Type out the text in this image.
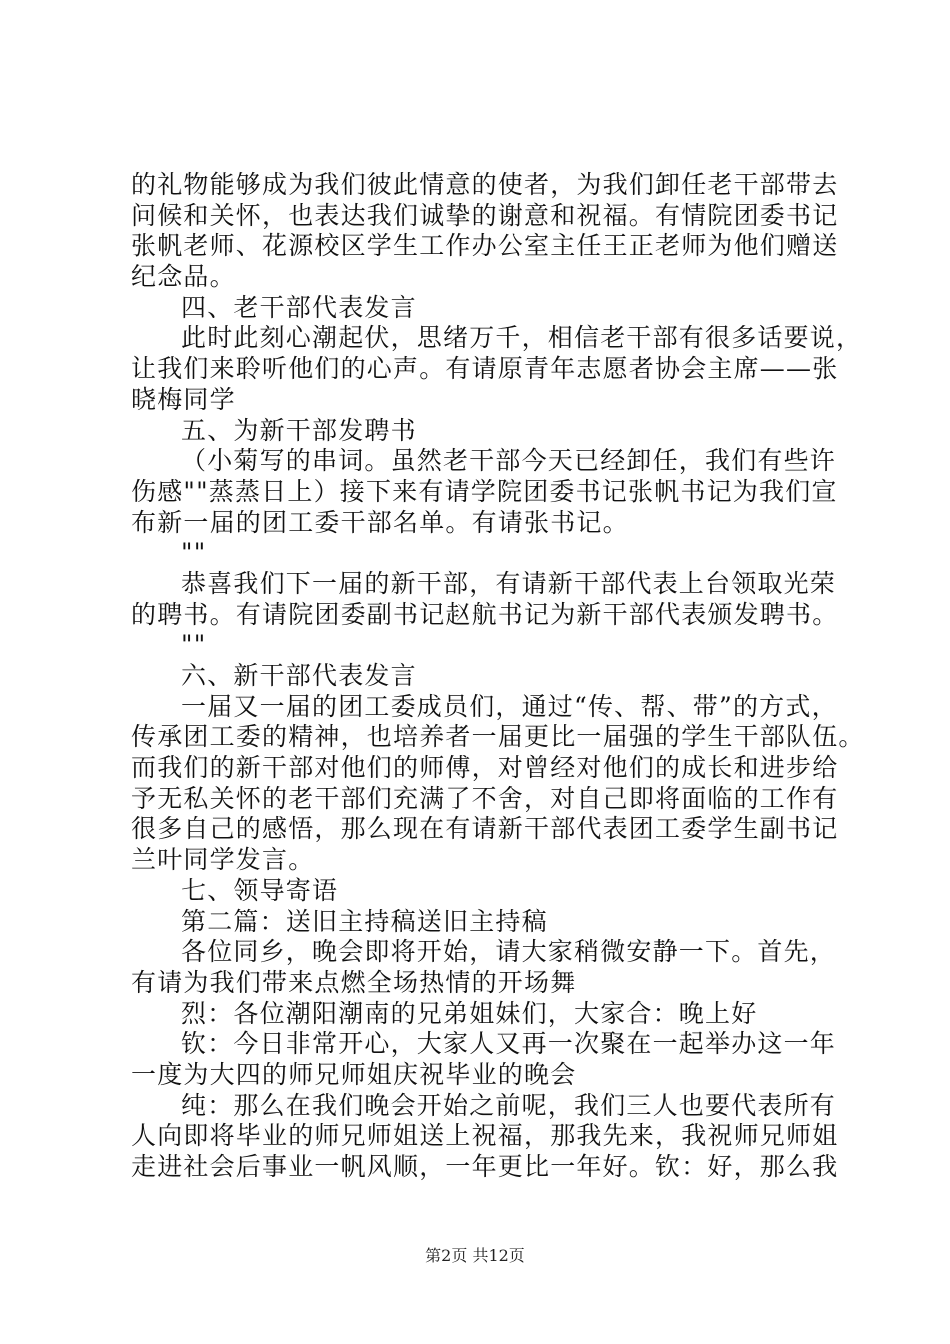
的礼物能够成为我们彼此情意的使者，为我们卸任老干部带去
问候和关怀，也表达我们诚挚的谢意和祝福。有情院团委书记
张帆老师、花源校区学生工作办公室主任王正老师为他们赠送
纪念品。
四、老干部代表发言
此时此刻心潮起伏，思绪万千，相信老干部有很多话要说，
让我们来聆听他们的心声。有请原青年志愿者协会主席——张
晓梅同学
五、为新干部发聘书
（小菊写的串词。虽然老干部今天已经卸任，我们有些许
伤感""蒸蒸日上）接下来有请学院团委书记张帆书记为我们宣
布新一届的团工委干部名单。有请张书记。
""
恭喜我们下一届的新干部，有请新干部代表上台领取光荣
的聘书。有请院团委副书记赵航书记为新干部代表颁发聘书。
""
六、新干部代表发言
一届又一届的团工委成员们，通过“传、帮、带”的方式，
传承团工委的精神，也培养者一届更比一届强的学生干部队伍。
而我们的新干部对他们的师傅，对曾经对他们的成长和进步给
予无私关怀的老干部们充满了不舍，对自己即将面临的工作有
很多自己的感悟，那么现在有请新干部代表团工委学生副书记
兰叶同学发言。
七、领导寄语
第二篇：送旧主持稿送旧主持稿
各位同乡，晚会即将开始，请大家稍微安静一下。首先，
有请为我们带来点燃全场热情的开场舞
烈：各位潮阳潮南的兄弟姐妹们，大家合：晚上好
钦：今日非常开心，大家人又再一次聚在一起举办这一年
一度为大四的师兄师姐庆祝毕业的晚会
纯：那么在我们晚会开始之前呢，我们三人也要代表所有
人向即将毕业的师兄师姐送上祝福，那我先来，我祝师兄师姐
走进社会后事业一帆风顺，一年更比一年好。钦：好，那么我
第2页 共12页
